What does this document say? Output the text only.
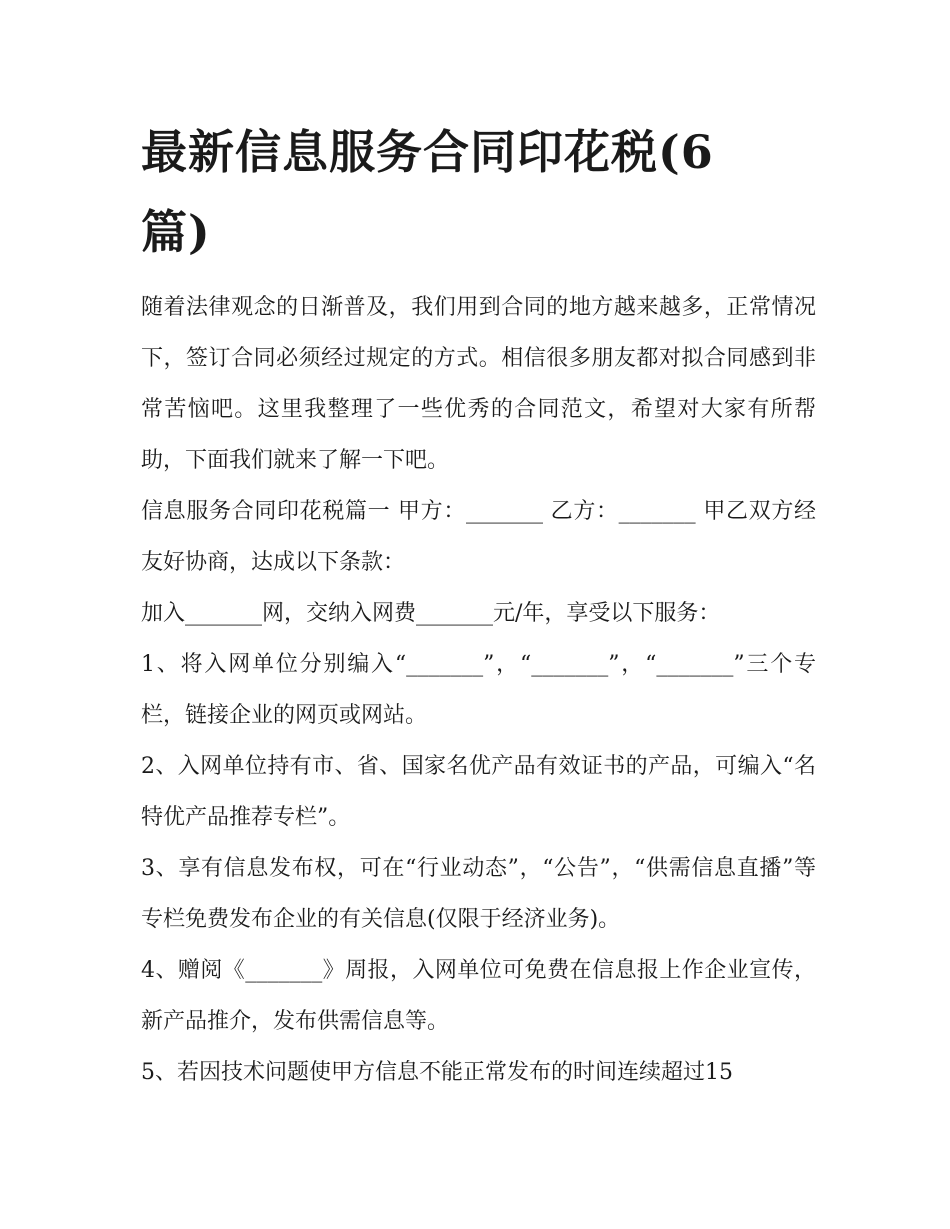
最新信息服务合同印花税(6篇)

随着法律观念的日渐普及，我们用到合同的地方越来越多，正常情况下，签订合同必须经过规定的方式。相信很多朋友都对拟合同感到非常苦恼吧。这里我整理了一些优秀的合同范文，希望对大家有所帮助，下面我们就来了解一下吧。

信息服务合同印花税篇一 甲方：_______ 乙方：_______ 甲乙双方经友好协商，达成以下条款：

加入_______网，交纳入网费_______元/年，享受以下服务：

1、将入网单位分别编入“_______”，“_______”，“_______”三个专栏，链接企业的网页或网站。

2、入网单位持有市、省、国家名优产品有效证书的产品，可编入“名特优产品推荐专栏”。

3、享有信息发布权，可在“行业动态”，“公告”，“供需信息直播”等专栏免费发布企业的有关信息(仅限于经济业务)。

4、赠阅《_______》周报，入网单位可免费在信息报上作企业宣传，新产品推介，发布供需信息等。

5、若因技术问题使甲方信息不能正常发布的时间连续超过15
